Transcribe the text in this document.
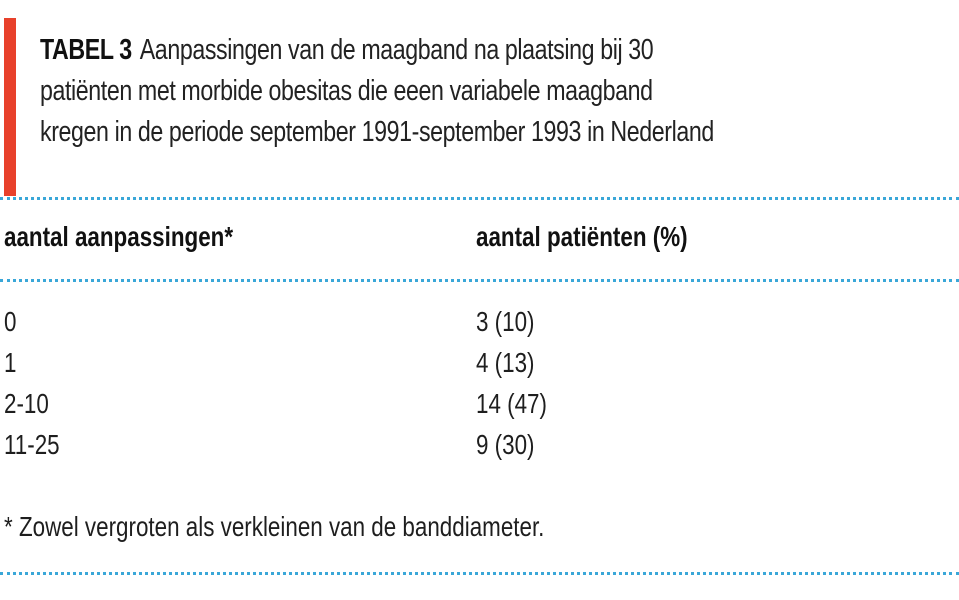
TABEL 3 Aanpassingen van de maagband na plaatsing bij 30
patiënten met morbide obesitas die eeen variabele maagband
kregen in de periode september 1991-september 1993 in Nederland
aantal aanpassingen*	aantal patiënten (%)
0	3 (10)
1	4 (13)
2-10	14 (47)
11-25	9 (30)
* Zowel vergroten als verkleinen van de banddiameter.
